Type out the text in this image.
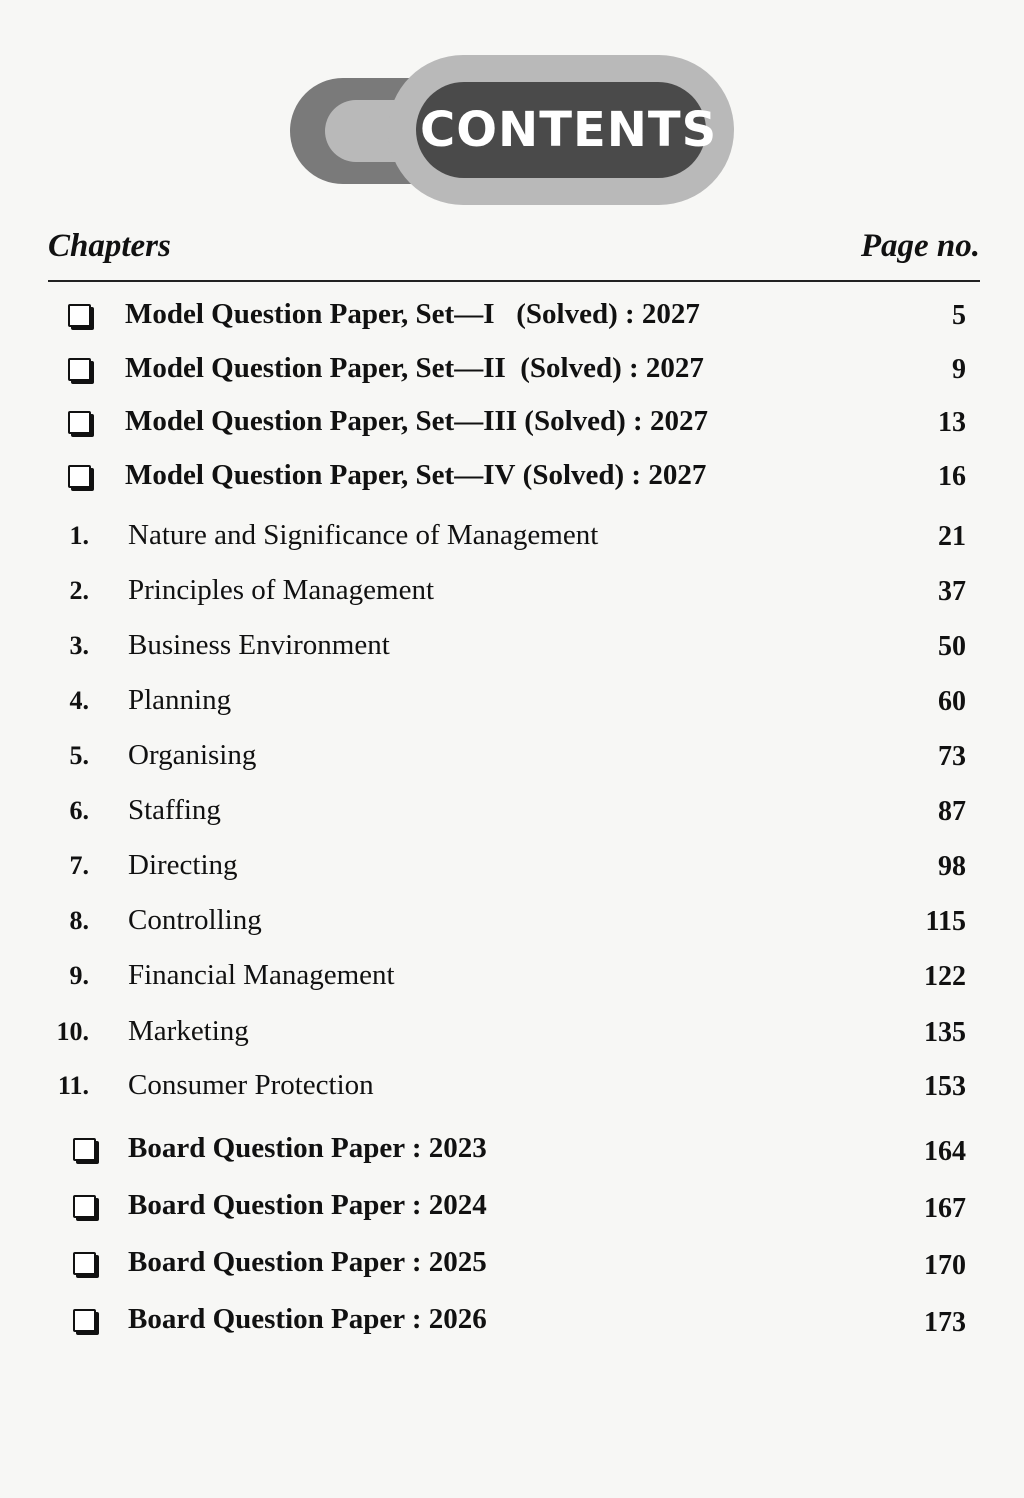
CONTENTS
Chapters	Page no.
Model Question Paper, Set—I   (Solved) : 2027	5
Model Question Paper, Set—II  (Solved) : 2027	9
Model Question Paper, Set—III (Solved) : 2027	13
Model Question Paper, Set—IV (Solved) : 2027	16
1. Nature and Significance of Management	21
2. Principles of Management	37
3. Business Environment	50
4. Planning	60
5. Organising	73
6. Staffing	87
7. Directing	98
8. Controlling	115
9. Financial Management	122
10. Marketing	135
11. Consumer Protection	153
Board Question Paper : 2023	164
Board Question Paper : 2024	167
Board Question Paper : 2025	170
Board Question Paper : 2026	173
